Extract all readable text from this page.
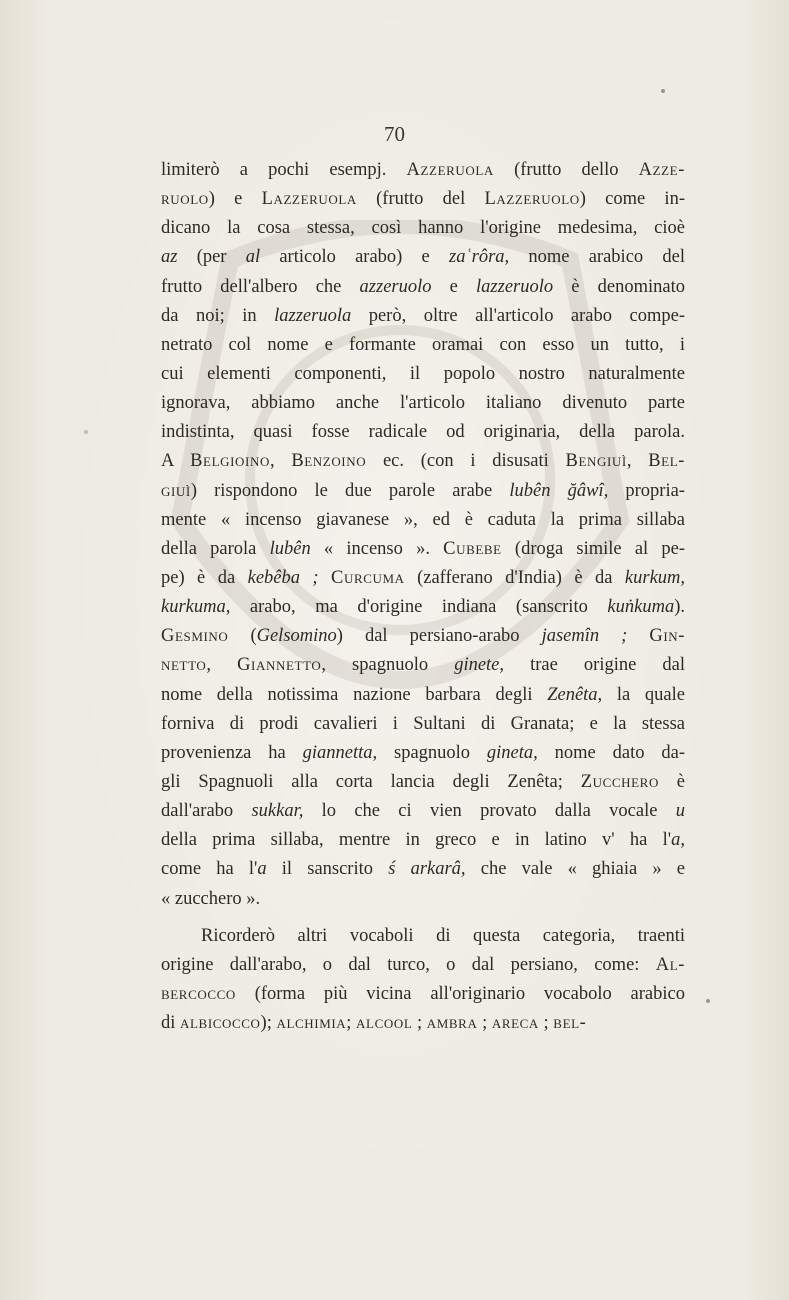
70
limiterò a pochi esempj. Azzeruola (frutto dello Azze-
ruolo) e Lazzeruola (frutto del Lazzeruolo) come in-
dicano la cosa stessa, così hanno l'origine medesima, cioè
az (per al articolo arabo) e zaʿrôra, nome arabico del
frutto dell'albero che azzeruolo e lazzeruolo è denominato
da noi; in lazzeruola però, oltre all'articolo arabo compe-
netrato col nome e formante oramai con esso un tutto, i
cui elementi componenti, il popolo nostro naturalmente
ignorava, abbiamo anche l'articolo italiano divenuto parte
indistinta, quasi fosse radicale od originaria, della parola.
A Belgioino, Benzoino ec. (con i disusati Bengiuì, Bel-
giuì) rispondono le due parole arabe lubên ğâwî, propria-
mente « incenso giavanese », ed è caduta la prima sillaba
della parola lubên « incenso ». Cubebe (droga simile al pe-
pe) è da kebêba ; Curcuma (zafferano d'India) è da kurkum,
kurkuma, arabo, ma d'origine indiana (sanscrito kuṅkuma).
Gesmino (Gelsomino) dal persiano-arabo jasemîn ; Gin-
netto, Giannetto, spagnuolo ginete, trae origine dal
nome della notissima nazione barbara degli Zenêta, la quale
forniva di prodi cavalieri i Sultani di Granata; e la stessa
provenienza ha giannetta, spagnuolo gineta, nome dato da-
gli Spagnuoli alla corta lancia degli Zenêta; Zucchero è
dall'arabo sukkar, lo che ci vien provato dalla vocale u
della prima sillaba, mentre in greco e in latino v' ha l'a,
come ha l'a il sanscrito ś arkarâ, che vale « ghiaia » e
« zucchero ».
Ricorderò altri vocaboli di questa categoria, traenti
origine dall'arabo, o dal turco, o dal persiano, come: Al-
bercocco (forma più vicina all'originario vocabolo arabico
di albicocco); alchimia; alcool ; ambra ; areca ; bel-
